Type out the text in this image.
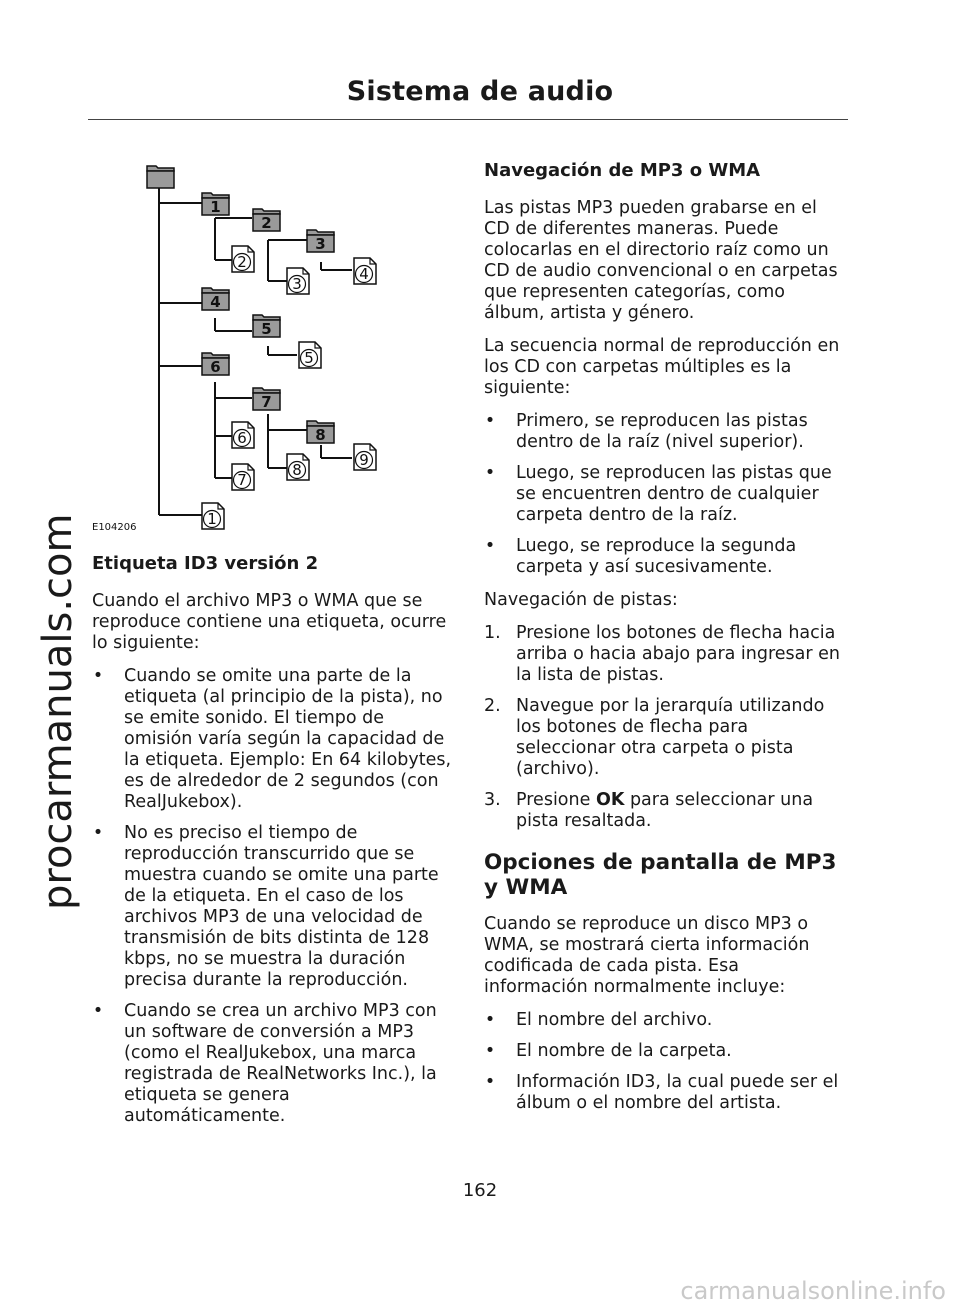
procarmanuals.com
Sistema de audio
1
2
3
4
5
6
7
8
2
3
4
5
6
7
8
9
1
E104206
Etiqueta ID3 versión 2

Cuando el archivo MP3 o WMA que se reproduce contiene una etiqueta, ocurre lo siguiente:

• Cuando se omite una parte de la etiqueta (al principio de la pista), no se emite sonido. El tiempo de omisión varía según la capacidad de la etiqueta. Ejemplo: En 64 kilobytes, es de alrededor de 2 segundos (con RealJukebox).
• No es preciso el tiempo de reproducción transcurrido que se muestra cuando se omite una parte de la etiqueta. En el caso de los archivos MP3 de una velocidad de transmisión de bits distinta de 128 kbps, no se muestra la duración precisa durante la reproducción.
• Cuando se crea un archivo MP3 con un software de conversión a MP3 (como el RealJukebox, una marca registrada de RealNetworks Inc.), la etiqueta se genera automáticamente.
Navegación de MP3 o WMA

Las pistas MP3 pueden grabarse en el CD de diferentes maneras. Puede colocarlas en el directorio raíz como un CD de audio convencional o en carpetas que representen categorías, como álbum, artista y género.

La secuencia normal de reproducción en los CD con carpetas múltiples es la siguiente:

• Primero, se reproducen las pistas dentro de la raíz (nivel superior).
• Luego, se reproducen las pistas que se encuentren dentro de cualquier carpeta dentro de la raíz.
• Luego, se reproduce la segunda carpeta y así sucesivamente.

Navegación de pistas:

1. Presione los botones de flecha hacia arriba o hacia abajo para ingresar en la lista de pistas.
2. Navegue por la jerarquía utilizando los botones de flecha para seleccionar otra carpeta o pista (archivo).
3. Presione OK para seleccionar una pista resaltada.
Opciones de pantalla de MP3 y WMA

Cuando se reproduce un disco MP3 o WMA, se mostrará cierta información codificada de cada pista. Esa información normalmente incluye:

• El nombre del archivo.
• El nombre de la carpeta.
• Información ID3, la cual puede ser el álbum o el nombre del artista.
162
carmanualsonline.info
